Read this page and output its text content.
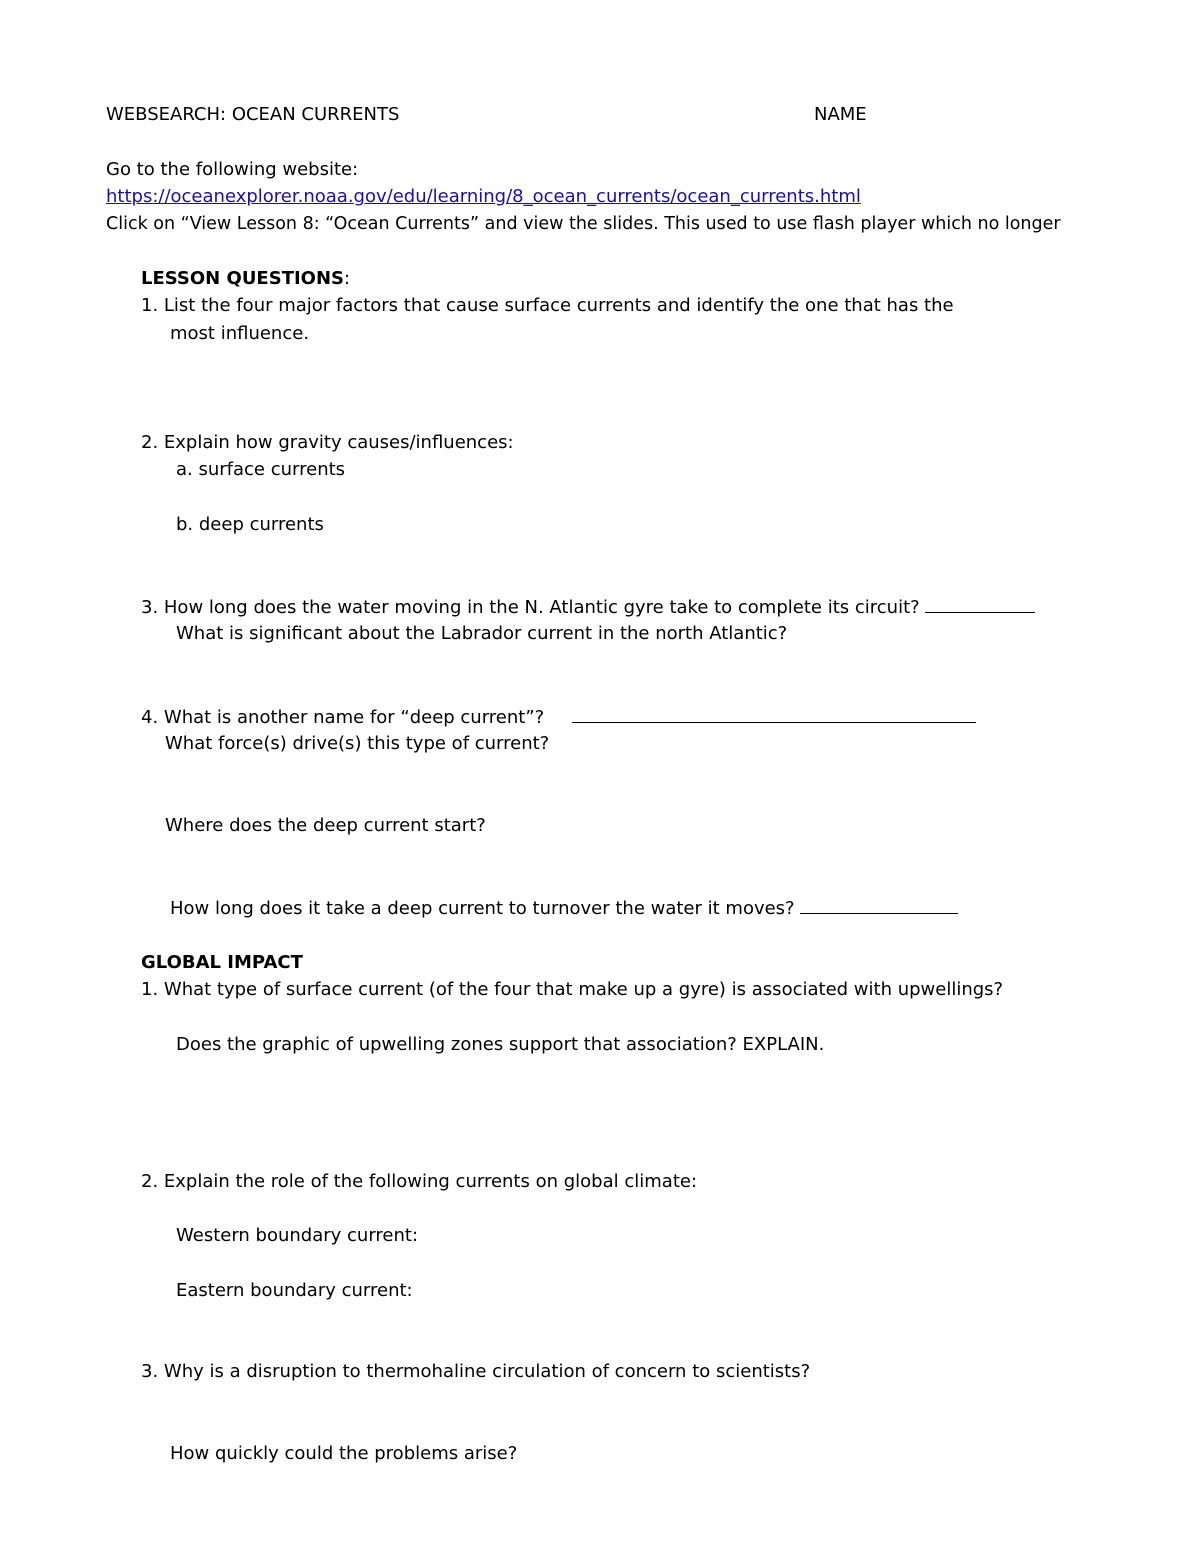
WEBSEARCH: OCEAN CURRENTS	NAME
Go to the following website:
https://oceanexplorer.noaa.gov/edu/learning/8_ocean_currents/ocean_currents.html
Click on “View Lesson 8: “Ocean Currents” and view the slides. This used to use flash player which no longer
LESSON QUESTIONS:
1. List the four major factors that cause surface currents and identify the one that has the
most influence.
2. Explain how gravity causes/influences:
a. surface currents
b. deep currents
3. How long does the water moving in the N. Atlantic gyre take to complete its circuit?
What is significant about the Labrador current in the north Atlantic?
4. What is another name for “deep current”?
What force(s) drive(s) this type of current?
Where does the deep current start?
How long does it take a deep current to turnover the water it moves?
GLOBAL IMPACT
1. What type of surface current (of the four that make up a gyre) is associated with upwellings?
Does the graphic of upwelling zones support that association? EXPLAIN.
2. Explain the role of the following currents on global climate:
Western boundary current:
Eastern boundary current:
3. Why is a disruption to thermohaline circulation of concern to scientists?
How quickly could the problems arise?
